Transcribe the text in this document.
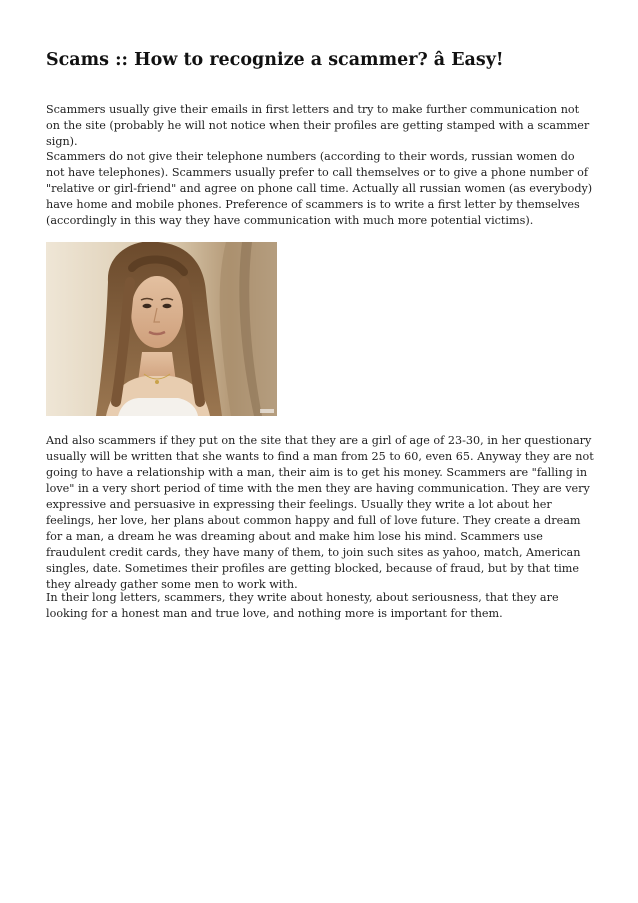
Scams :: How to recognize a scammer? â Easy!

Scammers usually give their emails in first letters and try to make further communication not on the site (probably he will not notice when their profiles are getting stamped with a scammer sign).

Scammers do not give their telephone numbers (according to their words, russian women do not have telephones). Scammers usually prefer to call themselves or to give a phone number of "relative or girl-friend" and agree on phone call time. Actually all russian women (as everybody) have home and mobile phones. Preference of scammers is to write a first letter by themselves (accordingly in this way they have communication with much more potential victims).

And also scammers if they put on the site that they are a girl of age of 23-30, in her questionary usually will be written that she wants to find a man from 25 to 60, even 65. Anyway they are not going to have a relationship with a man, their aim is to get his money. Scammers are "falling in love" in a very short period of time with the men they are having communication. They are very expressive and persuasive in expressing their feelings. Usually they write a lot about her feelings, her love, her plans about common happy and full of love future. They create a dream for a man, a dream he was dreaming about and make him lose his mind. Scammers use fraudulent credit cards, they have many of them, to join such sites as yahoo, match, American singles, date. Sometimes their profiles are getting blocked, because of fraud, but by that time they already gather some men to work with.

In their long letters, scammers, they write about honesty, about seriousness, that they are looking for a honest man and true love, and nothing more is important for them.
